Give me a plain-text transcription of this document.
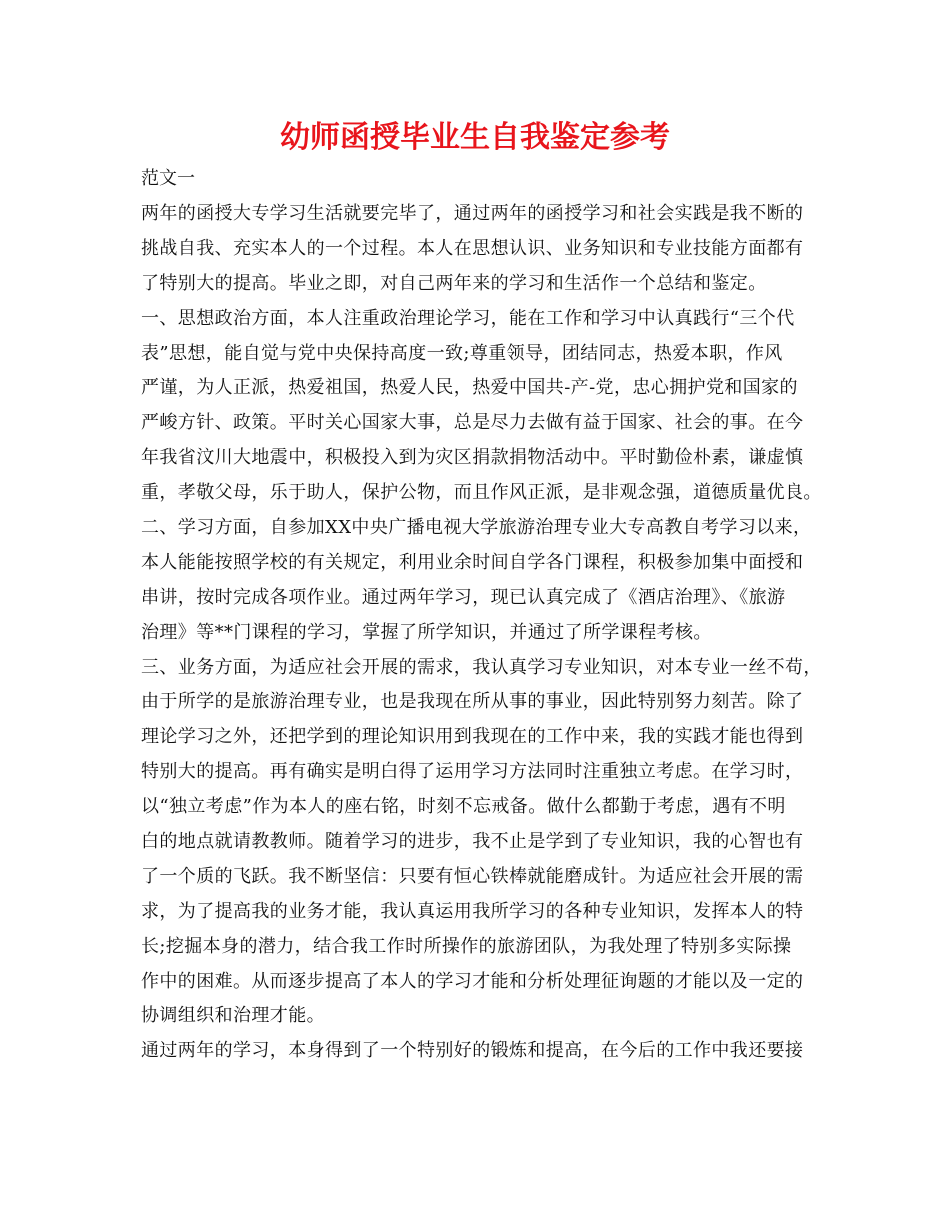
幼师函授毕业生自我鉴定参考
范文一
两年的函授大专学习生活就要完毕了，通过两年的函授学习和社会实践是我不断的
挑战自我、充实本人的一个过程。本人在思想认识、业务知识和专业技能方面都有
了特别大的提高。毕业之即，对自己两年来的学习和生活作一个总结和鉴定。
一、思想政治方面，本人注重政治理论学习，能在工作和学习中认真践行“三个代
表”思想，能自觉与党中央保持高度一致;尊重领导，团结同志，热爱本职，作风
严谨，为人正派，热爱祖国，热爱人民，热爱中国共-产-党，忠心拥护党和国家的
严峻方针、政策。平时关心国家大事，总是尽力去做有益于国家、社会的事。在今
年我省汶川大地震中，积极投入到为灾区捐款捐物活动中。平时勤俭朴素，谦虚慎
重，孝敬父母，乐于助人，保护公物，而且作风正派，是非观念强，道德质量优良。
二、学习方面，自参加XX中央广播电视大学旅游治理专业大专高教自考学习以来，
本人能能按照学校的有关规定，利用业余时间自学各门课程，积极参加集中面授和
串讲，按时完成各项作业。通过两年学习，现已认真完成了《酒店治理》、《旅游
治理》等**门课程的学习，掌握了所学知识，并通过了所学课程考核。
三、业务方面，为适应社会开展的需求，我认真学习专业知识，对本专业一丝不苟，
由于所学的是旅游治理专业，也是我现在所从事的事业，因此特别努力刻苦。除了
理论学习之外，还把学到的理论知识用到我现在的工作中来，我的实践才能也得到
特别大的提高。再有确实是明白得了运用学习方法同时注重独立考虑。在学习时，
以“独立考虑”作为本人的座右铭，时刻不忘戒备。做什么都勤于考虑，遇有不明
白的地点就请教教师。随着学习的进步，我不止是学到了专业知识，我的心智也有
了一个质的飞跃。我不断坚信：只要有恒心铁棒就能磨成针。为适应社会开展的需
求，为了提高我的业务才能，我认真运用我所学习的各种专业知识，发挥本人的特
长;挖掘本身的潜力，结合我工作时所操作的旅游团队，为我处理了特别多实际操
作中的困难。从而逐步提高了本人的学习才能和分析处理征询题的才能以及一定的
协调组织和治理才能。
通过两年的学习，本身得到了一个特别好的锻炼和提高，在今后的工作中我还要接
